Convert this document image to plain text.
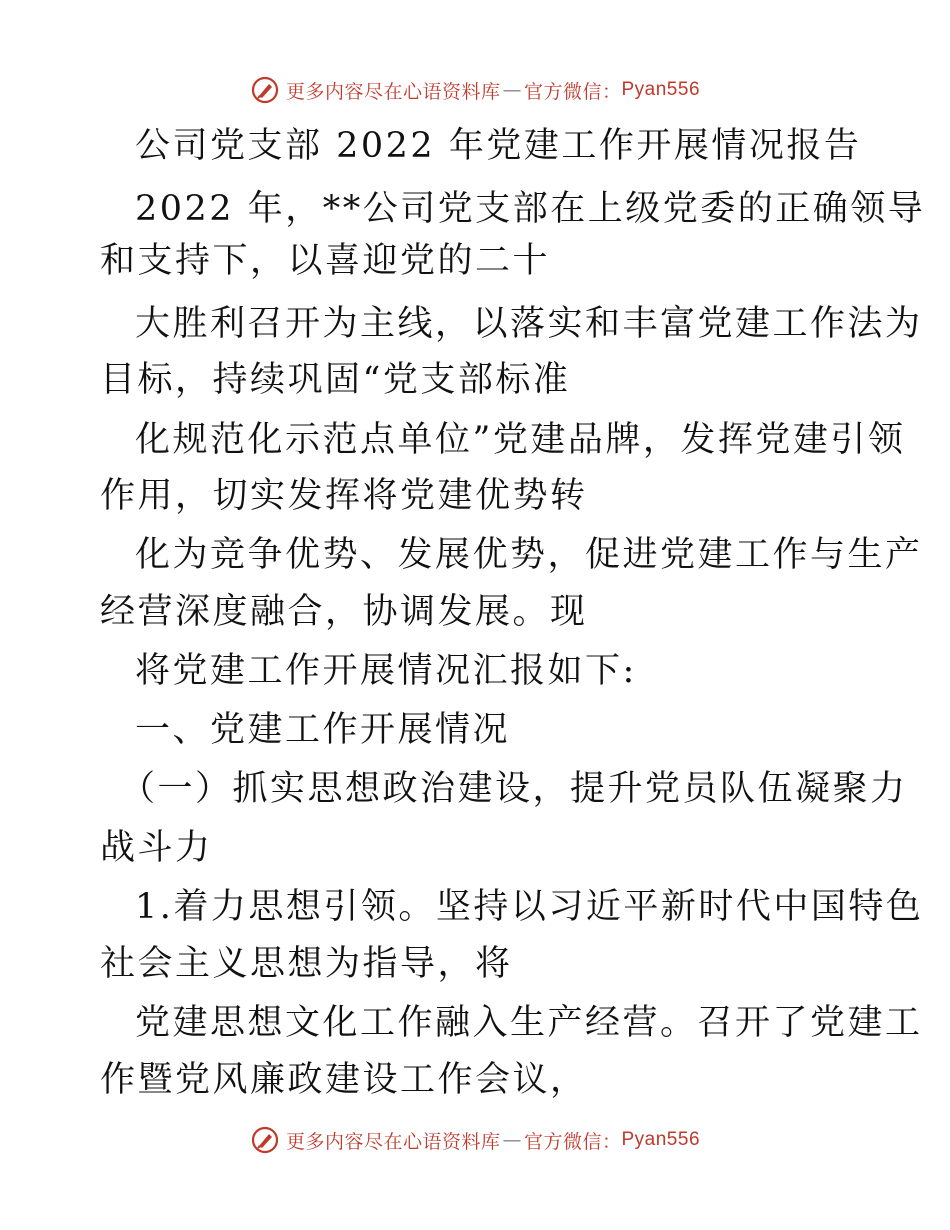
更多内容尽在心语资料库 — 官方微信： Pyan556
公司党支部 2022 年党建工作开展情况报告
2022 年，**公司党支部在上级党委的正确领导
和支持下，以喜迎党的二十
大胜利召开为主线，以落实和丰富党建工作法为
目标，持续巩固“党支部标准
化规范化示范点单位”党建品牌，发挥党建引领
作用，切实发挥将党建优势转
化为竞争优势、发展优势，促进党建工作与生产
经营深度融合，协调发展。现
将党建工作开展情况汇报如下:
一、党建工作开展情况
（一）抓实思想政治建设，提升党员队伍凝聚力
战斗力
1.着力思想引领。坚持以习近平新时代中国特色
社会主义思想为指导，将
党建思想文化工作融入生产经营。召开了党建工
作暨党风廉政建设工作会议，
更多内容尽在心语资料库 — 官方微信： Pyan556
